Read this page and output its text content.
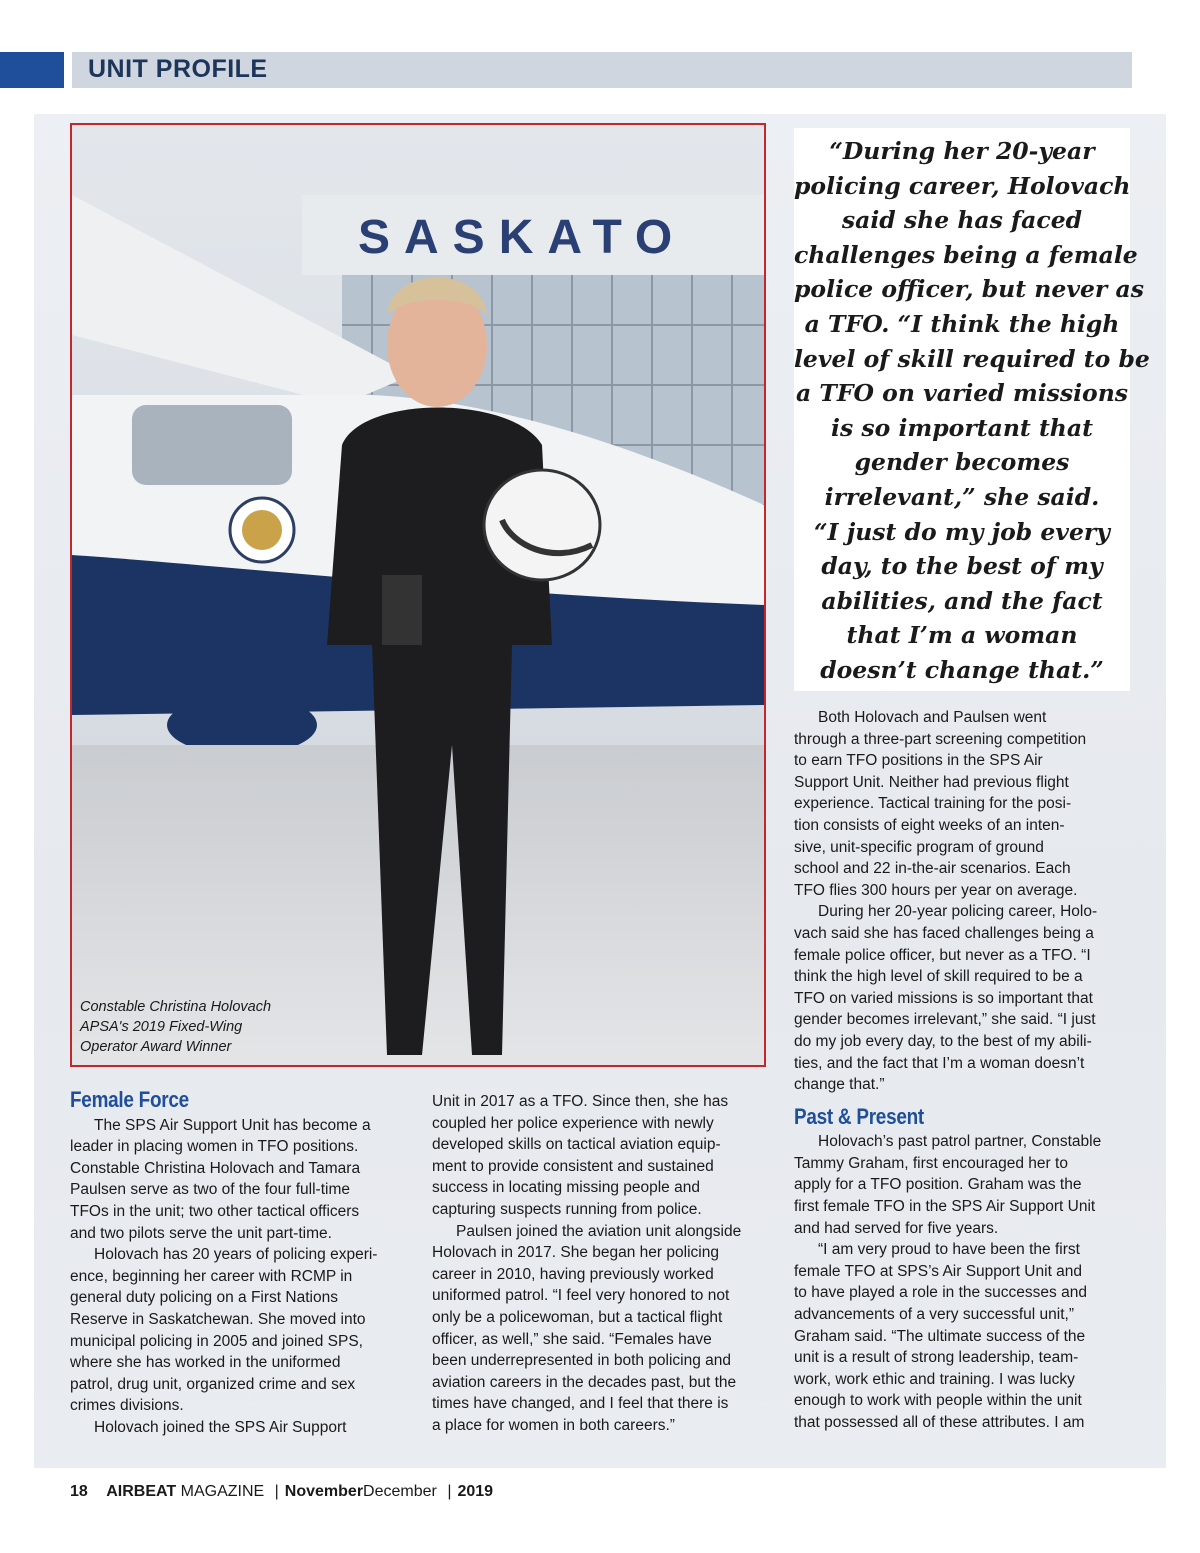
UNIT PROFILE
SASKATO
Constable Christina Holovach
APSA's 2019 Fixed-Wing
Operator Award Winner
“During her 20-year
policing career, Holovach
said she has faced
challenges being a female
police officer, but never as
a TFO. “I think the high
level of skill required to be
a TFO on varied missions
is so important that
gender becomes
irrelevant,” she said.
“I just do my job every
day, to the best of my
abilities, and the fact
that I’m a woman
doesn’t change that.”
Female Force

The SPS Air Support Unit has become a
leader in placing women in TFO positions.
Constable Christina Holovach and Tamara
Paulsen serve as two of the four full-time
TFOs in the unit; two other tactical officers
and two pilots serve the unit part-time.

Holovach has 20 years of policing experi-
ence, beginning her career with RCMP in
general duty policing on a First Nations
Reserve in Saskatchewan. She moved into
municipal policing in 2005 and joined SPS,
where she has worked in the uniformed
patrol, drug unit, organized crime and sex
crimes divisions.

Holovach joined the SPS Air Support

Unit in 2017 as a TFO. Since then, she has
coupled her police experience with newly
developed skills on tactical aviation equip-
ment to provide consistent and sustained
success in locating missing people and
capturing suspects running from police.

Paulsen joined the aviation unit alongside
Holovach in 2017. She began her policing
career in 2010, having previously worked
uniformed patrol. “I feel very honored to not
only be a policewoman, but a tactical flight
officer, as well,” she said. “Females have
been underrepresented in both policing and
aviation careers in the decades past, but the
times have changed, and I feel that there is
a place for women in both careers.”

Both Holovach and Paulsen went
through a three-part screening competition
to earn TFO positions in the SPS Air
Support Unit. Neither had previous flight
experience. Tactical training for the posi-
tion consists of eight weeks of an inten-
sive, unit-specific program of ground
school and 22 in-the-air scenarios. Each
TFO flies 300 hours per year on average.

During her 20-year policing career, Holo-
vach said she has faced challenges being a
female police officer, but never as a TFO. “I
think the high level of skill required to be a
TFO on varied missions is so important that
gender becomes irrelevant,” she said. “I just
do my job every day, to the best of my abili-
ties, and the fact that I’m a woman doesn’t
change that.”

Past & Present

Holovach’s past patrol partner, Constable
Tammy Graham, first encouraged her to
apply for a TFO position. Graham was the
first female TFO in the SPS Air Support Unit
and had served for five years.

“I am very proud to have been the first
female TFO at SPS’s Air Support Unit and
to have played a role in the successes and
advancements of a very successful unit,”
Graham said. “The ultimate success of the
unit is a result of strong leadership, team-
work, work ethic and training. I was lucky
enough to work with people within the unit
that possessed all of these attributes. I am

18 AIRBEAT MAGAZINE | NovemberDecember | 2019
